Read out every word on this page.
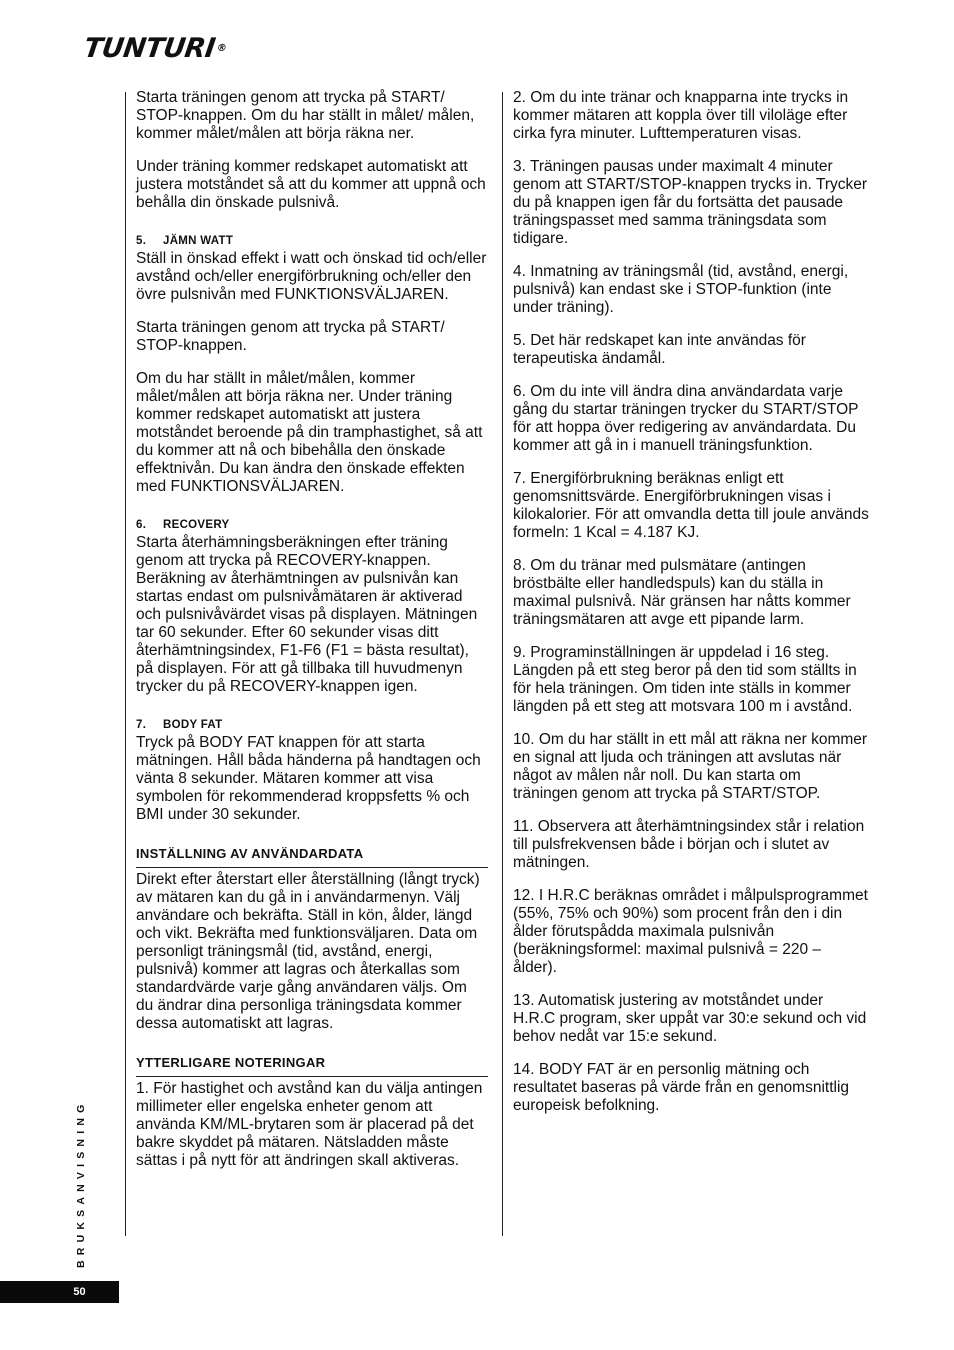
TUNTURI®

Starta träningen genom att trycka på START/ STOP-knappen. Om du har ställt in målet/ målen, kommer målet/målen att börja räkna ner.

Under träning kommer redskapet automatiskt att justera motståndet så att du kommer att uppnå och behålla din önskade pulsnivå.

5. JÄMN WATT

Ställ in önskad effekt i watt och önskad tid och/eller avstånd och/eller energiförbrukning och/eller den övre pulsnivån med FUNKTIONSVÄLJAREN.

Starta träningen genom att trycka på START/ STOP-knappen.

Om du har ställt in målet/målen, kommer målet/målen att börja räkna ner. Under träning kommer redskapet automatiskt att justera motståndet beroende på din tramphastighet, så att du kommer att nå och bibehålla den önskade effektnivån. Du kan ändra den önskade effekten med FUNKTIONSVÄLJAREN.

6. RECOVERY

Starta återhämningsberäkningen efter träning genom att trycka på RECOVERY-knappen. Beräkning av återhämtningen av pulsnivån kan startas endast om pulsnivåmätaren är aktiverad och pulsnivåvärdet visas på displayen. Mätningen tar 60 sekunder. Efter 60 sekunder visas ditt återhämtningsindex, F1-F6 (F1 = bästa resultat), på displayen. För att gå tillbaka till huvudmenyn trycker du på RECOVERY-knappen igen.

7. BODY FAT

Tryck på BODY FAT knappen för att starta mätningen. Håll båda händerna på handtagen och vänta 8 sekunder. Mätaren kommer att visa symbolen för rekommenderad kroppsfetts % och BMI under 30 sekunder.

INSTÄLLNING AV ANVÄNDARDATA

Direkt efter återstart eller återställning (långt tryck) av mätaren kan du gå in i användarmenyn. Välj användare och bekräfta. Ställ in kön, ålder, längd och vikt. Bekräfta med funktionsväljaren. Data om personligt träningsmål (tid, avstånd, energi, pulsnivå) kommer att lagras och återkallas som standardvärde varje gång användaren väljs. Om du ändrar dina personliga träningsdata kommer dessa automatiskt att lagras.

YTTERLIGARE NOTERINGAR

1. För hastighet och avstånd kan du välja antingen millimeter eller engelska enheter genom att använda KM/ML-brytaren som är placerad på det bakre skyddet på mätaren. Nätsladden måste sättas i på nytt för att ändringen skall aktiveras.

2. Om du inte tränar och knapparna inte trycks in kommer mätaren att koppla över till viloläge efter cirka fyra minuter. Lufttemperaturen visas.

3. Träningen pausas under maximalt 4 minuter genom att START/STOP-knappen trycks in. Trycker du på knappen igen får du fortsätta det pausade träningspasset med samma träningsdata som tidigare.

4. Inmatning av träningsmål (tid, avstånd, energi, pulsnivå) kan endast ske i STOP-funktion (inte under träning).

5. Det här redskapet kan inte användas för terapeutiska ändamål.

6. Om du inte vill ändra dina användardata varje gång du startar träningen trycker du START/STOP för att hoppa över redigering av användardata. Du kommer att gå in i manuell träningsfunktion.

7. Energiförbrukning beräknas enligt ett genomsnittsvärde. Energiförbrukningen visas i kilokalorier. För att omvandla detta till joule används formeln: 1 Kcal = 4.187 KJ.

8. Om du tränar med pulsmätare (antingen bröstbälte eller handledspuls) kan du ställa in maximal pulsnivå. När gränsen har nåtts kommer träningsmätaren att avge ett pipande larm.

9. Programinställningen är uppdelad i 16 steg. Längden på ett steg beror på den tid som ställts in för hela träningen. Om tiden inte ställs in kommer längden på ett steg att motsvara 100 m i avstånd.

10. Om du har ställt in ett mål att räkna ner kommer en signal att ljuda och träningen att avslutas när något av målen når noll. Du kan starta om träningen genom att trycka på START/STOP.

11. Observera att återhämtningsindex står i relation till pulsfrekvensen både i början och i slutet av mätningen.

12. I H.R.C beräknas området i målpulsprogrammet (55%, 75% och 90%) som procent från den i din ålder förutspådda maximala pulsnivån (beräkningsformel: maximal pulsnivå = 220 – ålder).

13. Automatisk justering av motståndet under H.R.C program, sker uppåt var 30:e sekund och vid behov nedåt var 15:e sekund.

14. BODY FAT är en personlig mätning och resultatet baseras på värde från en genomsnittlig europeisk befolkning.

BRUKSANVISNING
50
